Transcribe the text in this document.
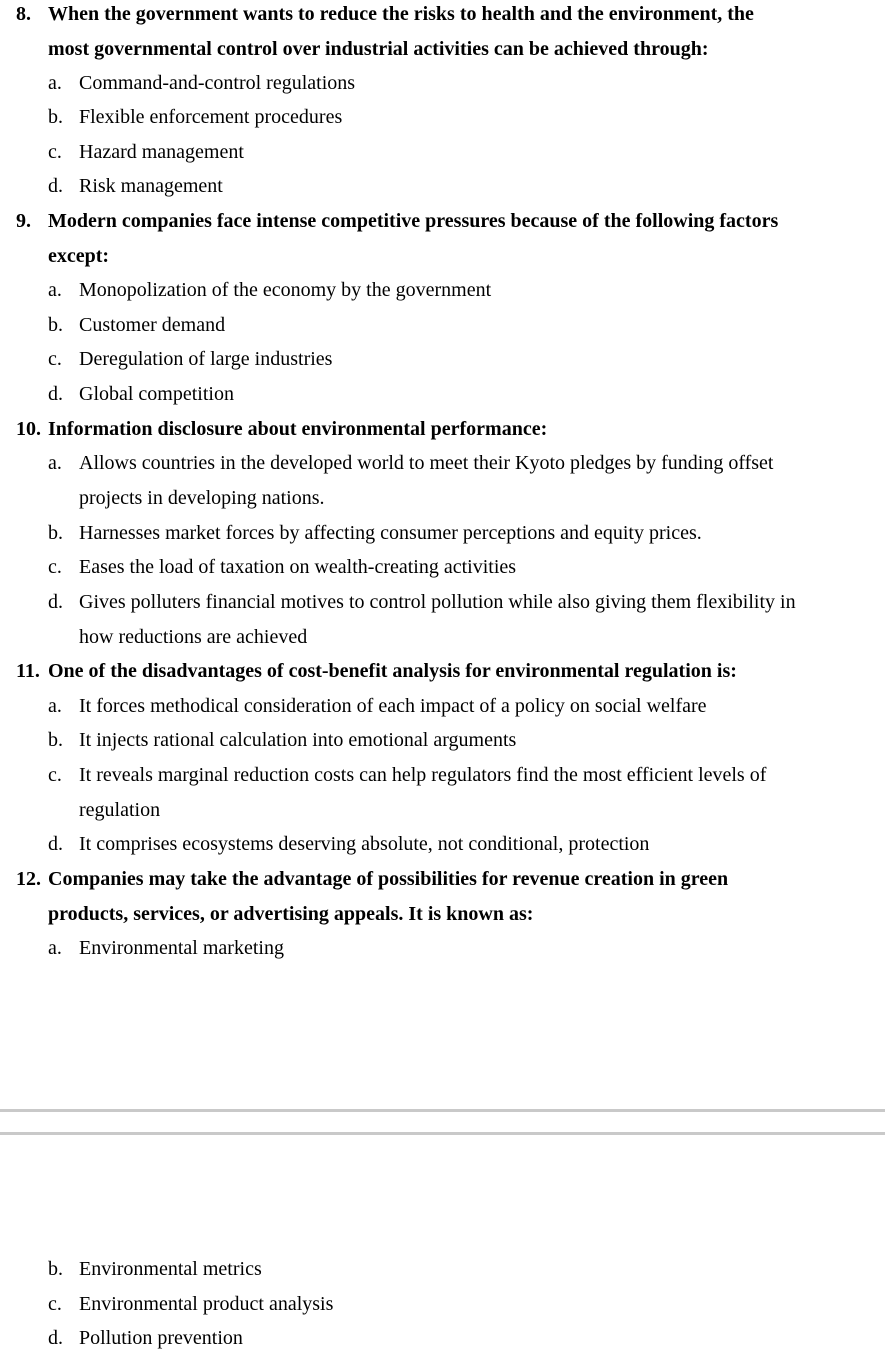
8. When the government wants to reduce the risks to health and the environment, the
most governmental control over industrial activities can be achieved through:
a. Command-and-control regulations
b. Flexible enforcement procedures
c. Hazard management
d. Risk management
9. Modern companies face intense competitive pressures because of the following factors
except:
a. Monopolization of the economy by the government
b. Customer demand
c. Deregulation of large industries
d. Global competition
10. Information disclosure about environmental performance:
a. Allows countries in the developed world to meet their Kyoto pledges by funding offset
projects in developing nations.
b. Harnesses market forces by affecting consumer perceptions and equity prices.
c. Eases the load of taxation on wealth-creating activities
d. Gives polluters financial motives to control pollution while also giving them flexibility in
how reductions are achieved
11. One of the disadvantages of cost-benefit analysis for environmental regulation is:
a. It forces methodical consideration of each impact of a policy on social welfare
b. It injects rational calculation into emotional arguments
c. It reveals marginal reduction costs can help regulators find the most efficient levels of
regulation
d. It comprises ecosystems deserving absolute, not conditional, protection
12. Companies may take the advantage of possibilities for revenue creation in green
products, services, or advertising appeals. It is known as:
a. Environmental marketing
b. Environmental metrics
c. Environmental product analysis
d. Pollution prevention
